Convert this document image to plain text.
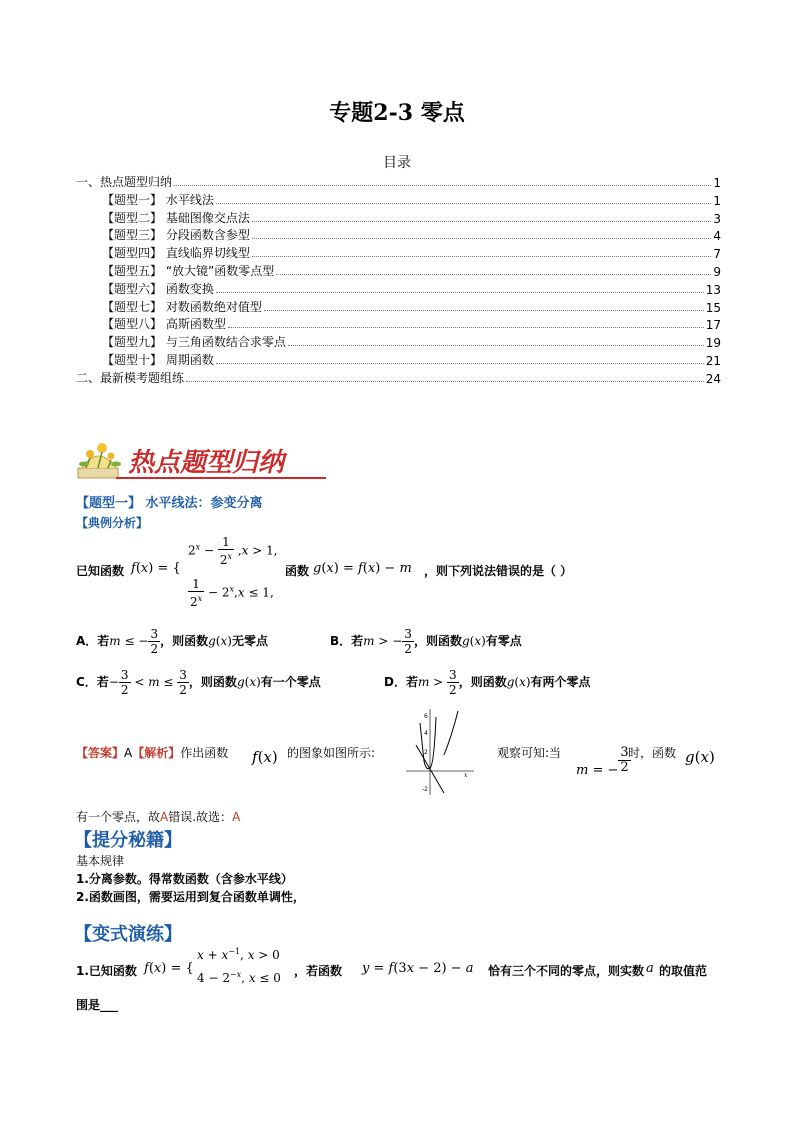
专题2-3 零点
目录
一、热点题型归纳	1
【题型一】 水平线法	1
【题型二】 基础图像交点法	3
【题型三】 分段函数含参型	4
【题型四】 直线临界切线型	7
【题型五】 “放大镜”函数零点型	9
【题型六】 函数变换	13
【题型七】 对数函数绝对值型	15
【题型八】 高斯函数型	17
【题型九】 与三角函数结合求零点	19
【题型十】 周期函数	21
二、最新模考题组练	24
热点题型归纳
【题型一】 水平线法：参变分离
【典例分析】
已知函数 f(x) = {
$2^x - \frac{1}{2^x} ,x > 1$,
$\frac{1}{2^x} - 2^x,x \le 1$,
函数 g(x) = f(x) − m ，则下列说法错误的是（ ）
A．若m ≤ − $\frac{3}{2}$ ，则函数g(x)无零点	B．若m > − $\frac{3}{2}$ ，则函数g(x)有零点
C．若− $\frac{3}{2} < m \le \frac{3}{2}$ ，则函数g(x)有一个零点	D．若$m > \frac{3}{2}$ ，则函数g(x)有两个零点
【答案】A【解析】作出函数 f(x) 的图象如图所示:
6
4
2
-2
x
观察可知:当
m = − $\frac{3}{2}$
时，函数 g(x)
有一个零点，故A错误.故选：A
【提分秘籍】
基本规律
1.分离参数。得常数函数（含参水平线）
2.函数画图，需要运用到复合函数单调性，
【变式演练】
1.已知函数 f(x) = {
$x + x^{-1}$, x > 0
$4 - 2^{-x}$, x ≤ 0 ，若函数 y = f(3x − 2) − a 恰有三个不同的零点，则实数 a 的取值范
围是___
